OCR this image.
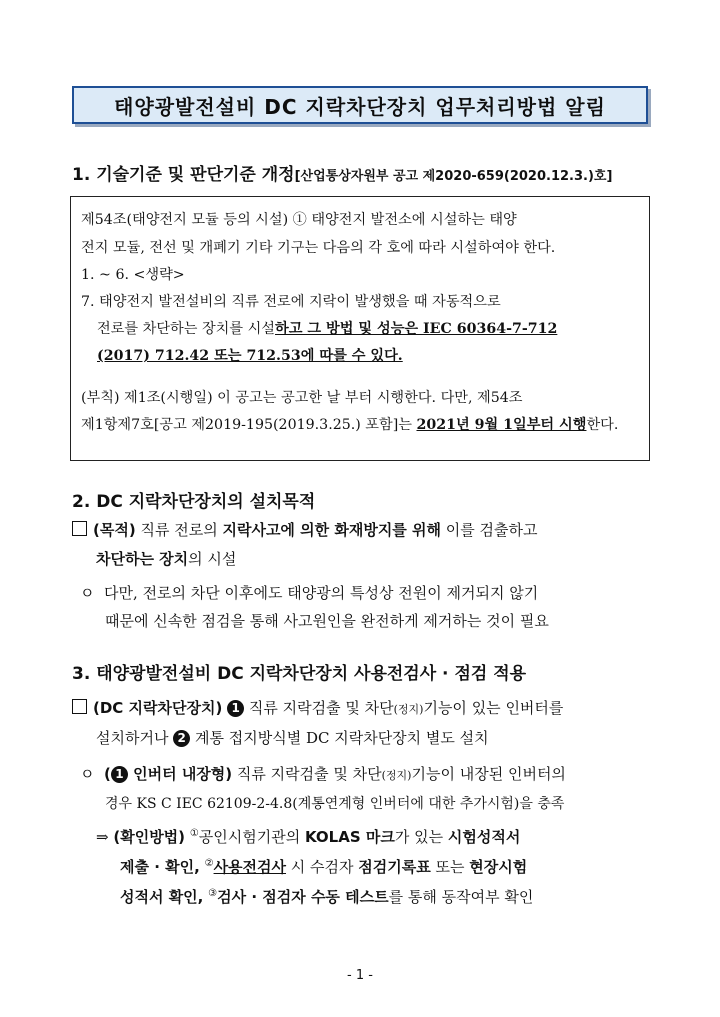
태양광발전설비 DC 지락차단장치 업무처리방법 알림
1. 기술기준 및 판단기준 개정[산업통상자원부 공고 제2020-659(2020.12.3.)호]
제54조(태양전지 모듈 등의 시설) ① 태양전지 발전소에 시설하는 태양
전지 모듈, 전선 및 개폐기 기타 기구는 다음의 각 호에 따라 시설하여야 한다.
1. ~ 6. <생략>
7. 태양전지 발전설비의 직류 전로에 지락이 발생했을 때 자동적으로
전로를 차단하는 장치를 시설하고 그 방법 및 성능은 IEC 60364-7-712
(2017) 712.42 또는 712.53에 따를 수 있다.
(부칙) 제1조(시행일) 이 공고는 공고한 날 부터 시행한다. 다만, 제54조
제1항제7호[공고 제2019-195(2019.3.25.) 포함]는 2021년 9월 1일부터 시행한다.
2. DC 지락차단장치의 설치목적
(목적) 직류 전로의 지락사고에 의한 화재방지를 위해 이를 검출하고
차단하는 장치의 시설
ㅇ 다만, 전로의 차단 이후에도 태양광의 특성상 전원이 제거되지 않기
때문에 신속한 점검을 통해 사고원인을 완전하게 제거하는 것이 필요
3. 태양광발전설비 DC 지락차단장치 사용전검사 · 점검 적용
(DC 지락차단장치) 1 직류 지락검출 및 차단(정지)기능이 있는 인버터를
설치하거나 2 계통 접지방식별 DC 지락차단장치 별도 설치
ㅇ ( 1 인버터 내장형) 직류 지락검출 및 차단(정지)기능이 내장된 인버터의
경우 KS C IEC 62109-2-4.8(계통연계형 인버터에 대한 추가시험)을 충족
⇒ (확인방법) ①공인시험기관의 KOLAS 마크가 있는 시험성적서
제출 · 확인, ②사용전검사 시 수검자 점검기록표 또는 현장시험
성적서 확인, ③검사 · 점검자 수동 테스트를 통해 동작여부 확인
- 1 -
